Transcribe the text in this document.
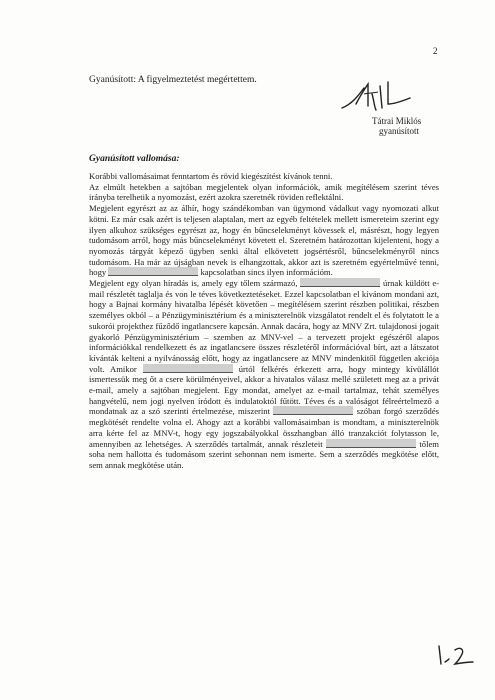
2
Gyanúsított: A figyelmeztetést megértettem.
Tátrai Miklós
gyanúsított
Gyanúsított vallomása:

Korábbi vallomásaimat fenntartom és rövid kiegészítést kívánok tenni.

Az elmúlt hetekben a sajtóban megjelentek olyan információk, amik megítélésem szerint téves irányba terelhetik a nyomozást, ezért azokra szeretnék röviden reflektálni.

Megjelent egyrészt az az álhír, hogy szándékomban van ügymond vádalkut vagy nyomozati alkut kötni. Ez már csak azért is teljesen alaptalan, mert az egyéb feltételek mellett ismereteim szerint egy ilyen alkuhoz szükséges egyrészt az, hogy én bűncselekményt kövessek el, másrészt, hogy legyen tudomásom arról, hogy más bűncselekményt követett el. Szeretném határozottan kijelenteni, hogy a nyomozás tárgyát képező ügyben senki által elkövetett jogsértésről, bűncselekményről nincs tudomásom. Ha már az újságban nevek is elhangzottak, akkor azt is szeretném egyértelművé tenni, hogy	kapcsolatban sincs ilyen információm.

Megjelent egy olyan híradás is, amely egy tőlem származó,	úrnak küldött e-mail részletét taglalja és von le téves következtetéseket. Ezzel kapcsolatban el kívánom mondani azt, hogy a Bajnai kormány hivatalba lépését követően – megítélésem szerint részben politikai, részben személyes okból – a Pénzügyminisztérium és a miniszterelnök vizsgálatot rendelt el és folytatott le a sukorói projekthez fűződő ingatlancsere kapcsán. Annak dacára, hogy az MNV Zrt. tulajdonosi jogait gyakorló Pénzügyminisztérium – szemben az MNV-vel – a tervezett projekt egészéről alapos információkkal rendelkezett és az ingatlancsere összes részletéről információval bírt, azt a látszatot kívánták kelteni a nyilvánosság előtt, hogy az ingatlancsere az MNV mindenkitől független akciója volt. Amikor	úrtól felkérés érkezett arra, hogy mintegy kívülállót ismertessük meg őt a csere körülményeivel, akkor a hivatalos válasz mellé született meg az a privát e-mail, amely a sajtóban megjelent. Egy mondat, amelyet az e-mail tartalmaz, tehát személyes hangvételű, nem jogi nyelven íródott és indulatoktól fűtött. Téves és a valóságot félreértelmező a mondatnak az a szó szerinti értelmezése, miszerint	szóban forgó szerződés megkötését rendelte volna el. Ahogy azt a korábbi vallomásaimban is mondtam, a miniszterelnök arra kérte fel az MNV-t, hogy egy jogszabályokkal összhangban álló tranzakciót folytasson le, amennyiben az lehetséges. A szerződés tartalmát, annak részleteit	tőlem soha nem hallotta és tudomásom szerint sehonnan nem ismerte. Sem a szerződés megkötése előtt, sem annak megkötése után.
